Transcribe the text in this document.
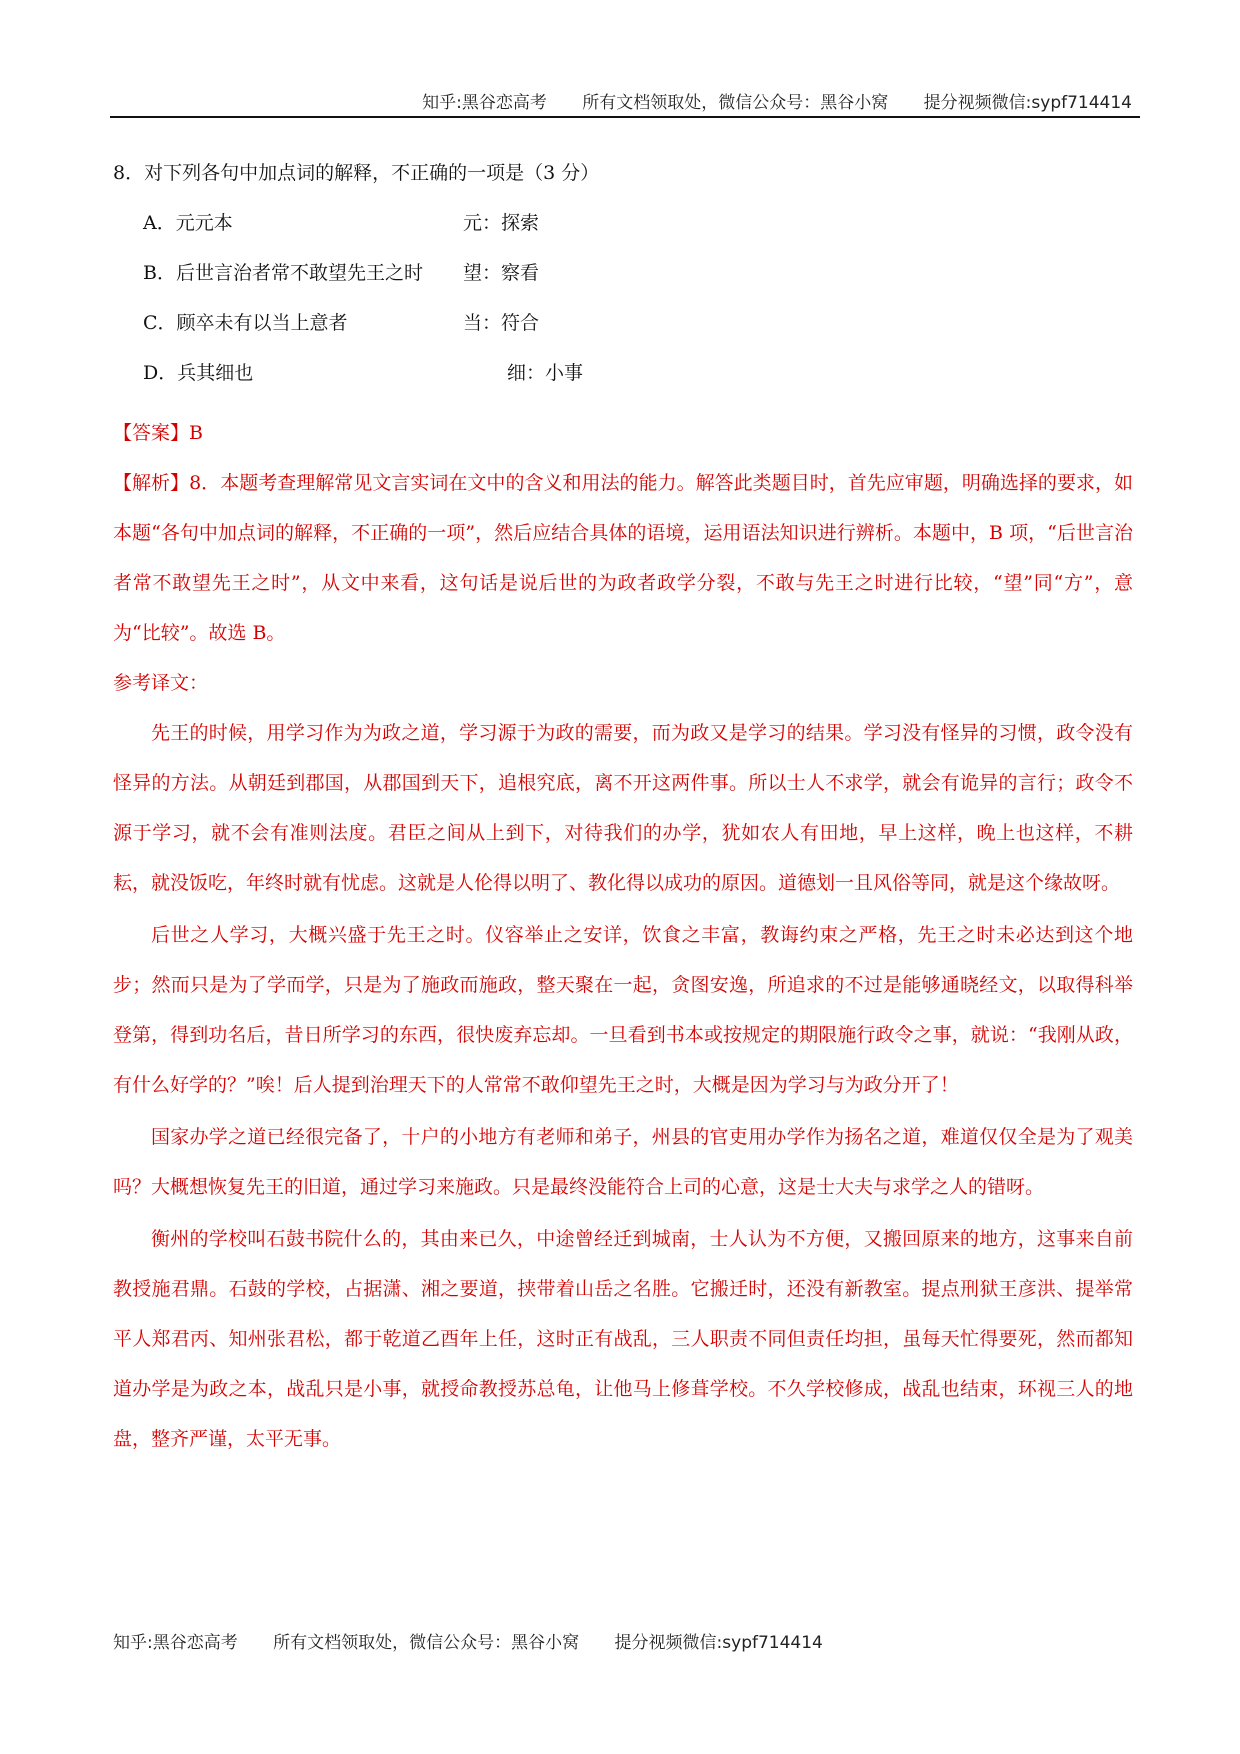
知乎:黑谷恋高考 所有文档领取处，微信公众号：黑谷小窝 提分视频微信:sypf714414

8．对下列各句中加点词的解释，不正确的一项是（3 分）

A．元元本	元：探索
B．后世言治者常不敢望先王之时 望：察看
C．顾卒未有以当上意者	当：符合
D．兵其细也	细：小事

【答案】B

【解析】8．本题考查理解常见文言实词在文中的含义和用法的能力。解答此类题目时，首先应审题，明确选择的要求，如本题“各句中加点词的解释，不正确的一项”，然后应结合具体的语境，运用语法知识进行辨析。本题中，B 项，“后世言治者常不敢望先王之时”，从文中来看，这句话是说后世的为政者政学分裂，不敢与先王之时进行比较，“望”同“方”，意为“比较”。故选 B。

参考译文：

先王的时候，用学习作为为政之道，学习源于为政的需要，而为政又是学习的结果。学习没有怪异的习惯，政令没有怪异的方法。从朝廷到郡国，从郡国到天下，追根究底，离不开这两件事。所以士人不求学，就会有诡异的言行；政令不源于学习，就不会有准则法度。君臣之间从上到下，对待我们的办学，犹如农人有田地，早上这样，晚上也这样，不耕耘，就没饭吃，年终时就有忧虑。这就是人伦得以明了、教化得以成功的原因。道德划一且风俗等同，就是这个缘故呀。

后世之人学习，大概兴盛于先王之时。仪容举止之安详，饮食之丰富，教诲约束之严格，先王之时未必达到这个地步；然而只是为了学而学，只是为了施政而施政，整天聚在一起，贪图安逸，所追求的不过是能够通晓经文，以取得科举登第，得到功名后，昔日所学习的东西，很快废弃忘却。一旦看到书本或按规定的期限施行政令之事，就说：“我刚从政，有什么好学的？”唉！后人提到治理天下的人常常不敢仰望先王之时，大概是因为学习与为政分开了！

国家办学之道已经很完备了，十户的小地方有老师和弟子，州县的官吏用办学作为扬名之道，难道仅仅全是为了观美吗？大概想恢复先王的旧道，通过学习来施政。只是最终没能符合上司的心意，这是士大夫与求学之人的错呀。

衡州的学校叫石鼓书院什么的，其由来已久，中途曾经迁到城南，士人认为不方便，又搬回原来的地方，这事来自前教授施君鼎。石鼓的学校，占据潇、湘之要道，挟带着山岳之名胜。它搬迁时，还没有新教室。提点刑狱王彦洪、提举常平人郑君丙、知州张君松，都于乾道乙酉年上任，这时正有战乱，三人职责不同但责任均担，虽每天忙得要死，然而都知道办学是为政之本，战乱只是小事，就授命教授苏总龟，让他马上修葺学校。不久学校修成，战乱也结束，环视三人的地盘，整齐严谨，太平无事。

知乎:黑谷恋高考 所有文档领取处，微信公众号：黑谷小窝 提分视频微信:sypf714414
